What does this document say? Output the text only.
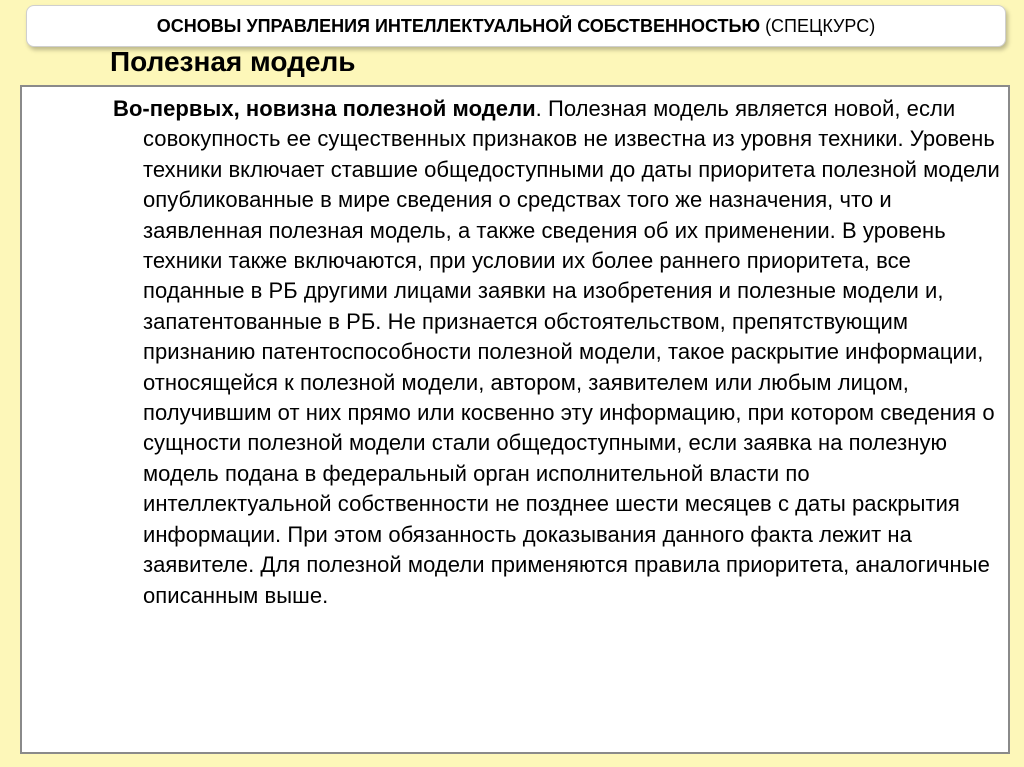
ОСНОВЫ УПРАВЛЕНИЯ ИНТЕЛЛЕКТУАЛЬНОЙ СОБСТВЕННОСТЬЮ (СПЕЦКУРС)
Полезная модель

Во-первых, новизна полезной модели. Полезная модель является новой, если совокупность ее существенных признаков не известна из уровня техники. Уровень техники включает ставшие общедоступными до даты приоритета полезной модели опубликованные в мире сведения о средствах того же назначения, что и заявленная полезная модель, а также сведения об их применении. В уровень техники также включаются, при условии их более раннего приоритета, все поданные в РБ другими лицами заявки на изобретения и полезные модели и, запатентованные в РБ. Не признается обстоятельством, препятствующим признанию патентоспособности полезной модели, такое раскрытие информации, относящейся к полезной модели, автором, заявителем или любым лицом, получившим от них прямо или косвенно эту информацию, при котором сведения о сущности полезной модели стали общедоступными, если заявка на полезную модель подана в федеральный орган исполнительной власти по интеллектуальной собственности не позднее шести месяцев с даты раскрытия информации. При этом обязанность доказывания данного факта лежит на заявителе. Для полезной модели применяются правила приоритета, аналогичные описанным выше.
